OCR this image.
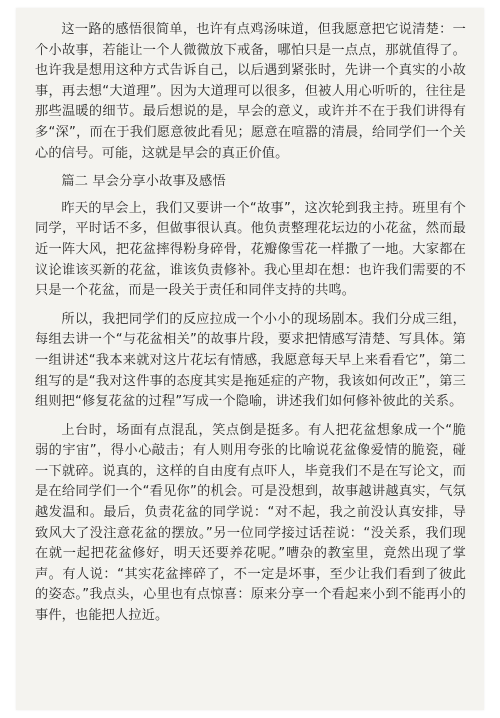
这一路的感悟很简单，也许有点鸡汤味道，但我愿意把它说清楚：一个小故事，若能让一个人微微放下戒备，哪怕只是一点点，那就值得了。也许我是想用这种方式告诉自己，以后遇到紧张时，先讲一个真实的小故事，再去想“大道理”。因为大道理可以很多，但被人用心听听的，往往是那些温暖的细节。最后想说的是，早会的意义，或许并不在于我们讲得有多“深”，而在于我们愿意彼此看见；愿意在喧嚣的清晨，给同学们一个关心的信号。可能，这就是早会的真正价值。

篇二 早会分享小故事及感悟

昨天的早会上，我们又要讲一个“故事”，这次轮到我主持。班里有个同学，平时话不多，但做事很认真。他负责整理花坛边的小花盆，然而最近一阵大风，把花盆摔得粉身碎骨，花瓣像雪花一样撒了一地。大家都在议论谁该买新的花盆，谁该负责修补。我心里却在想：也许我们需要的不只是一个花盆，而是一段关于责任和同伴支持的共鸣。

所以，我把同学们的反应拉成一个小小的现场剧本。我们分成三组，每组去讲一个“与花盆相关”的故事片段，要求把情感写清楚、写具体。第一组讲述“我本来就对这片花坛有情感，我愿意每天早上来看看它”，第二组写的是“我对这件事的态度其实是拖延症的产物，我该如何改正”，第三组则把“修复花盆的过程”写成一个隐喻，讲述我们如何修补彼此的关系。

上台时，场面有点混乱，笑点倒是挺多。有人把花盆想象成一个“脆弱的宇宙”，得小心敲击；有人则用夸张的比喻说花盆像爱情的脆瓷，碰一下就碎。说真的，这样的自由度有点吓人，毕竟我们不是在写论文，而是在给同学们一个“看见你”的机会。可是没想到，故事越讲越真实，气氛越发温和。最后，负责花盆的同学说：“对不起，我之前没认真安排，导致风大了没注意花盆的摆放。”另一位同学接过话茬说：“没关系，我们现在就一起把花盆修好，明天还要养花呢。”嘈杂的教室里，竟然出现了掌声。有人说：“其实花盆摔碎了，不一定是坏事，至少让我们看到了彼此的姿态。”我点头，心里也有点惊喜：原来分享一个看起来小到不能再小的事件，也能把人拉近。
